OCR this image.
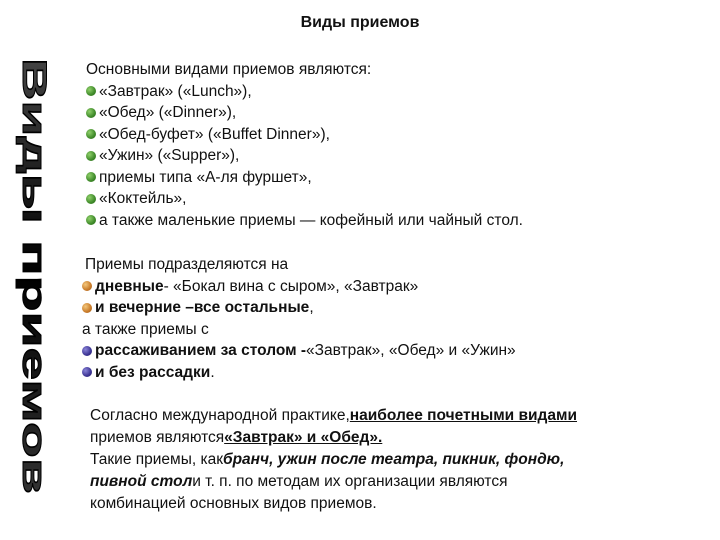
Виды приемов
Виды приемов Основными видами приемов являются:
«Завтрак» («Lunch»),
«Обед» («Dinner»),
«Обед-буфет» («Buffet Dinner»),
«Ужин» («Supper»),
приемы типа «А-ля фуршет»,
«Коктейль»,
а также маленькие приемы — кофейный или чайный стол.
Приемы подразделяются на
дневные - «Бокал вина с сыром», «Завтрак»
и вечерние –все остальные ,
а также приемы с
рассаживанием за столом - «Завтрак», «Обед» и «Ужин»
и без рассадки .
Согласно международной практике, наиболее почетными видами
приемов являются «Завтрак» и «Обед».
Такие приемы, как бранч, ужин после театра, пикник, фондю,
пивной стол и т. п. по методам их организации являются
комбинацией основных видов приемов.
